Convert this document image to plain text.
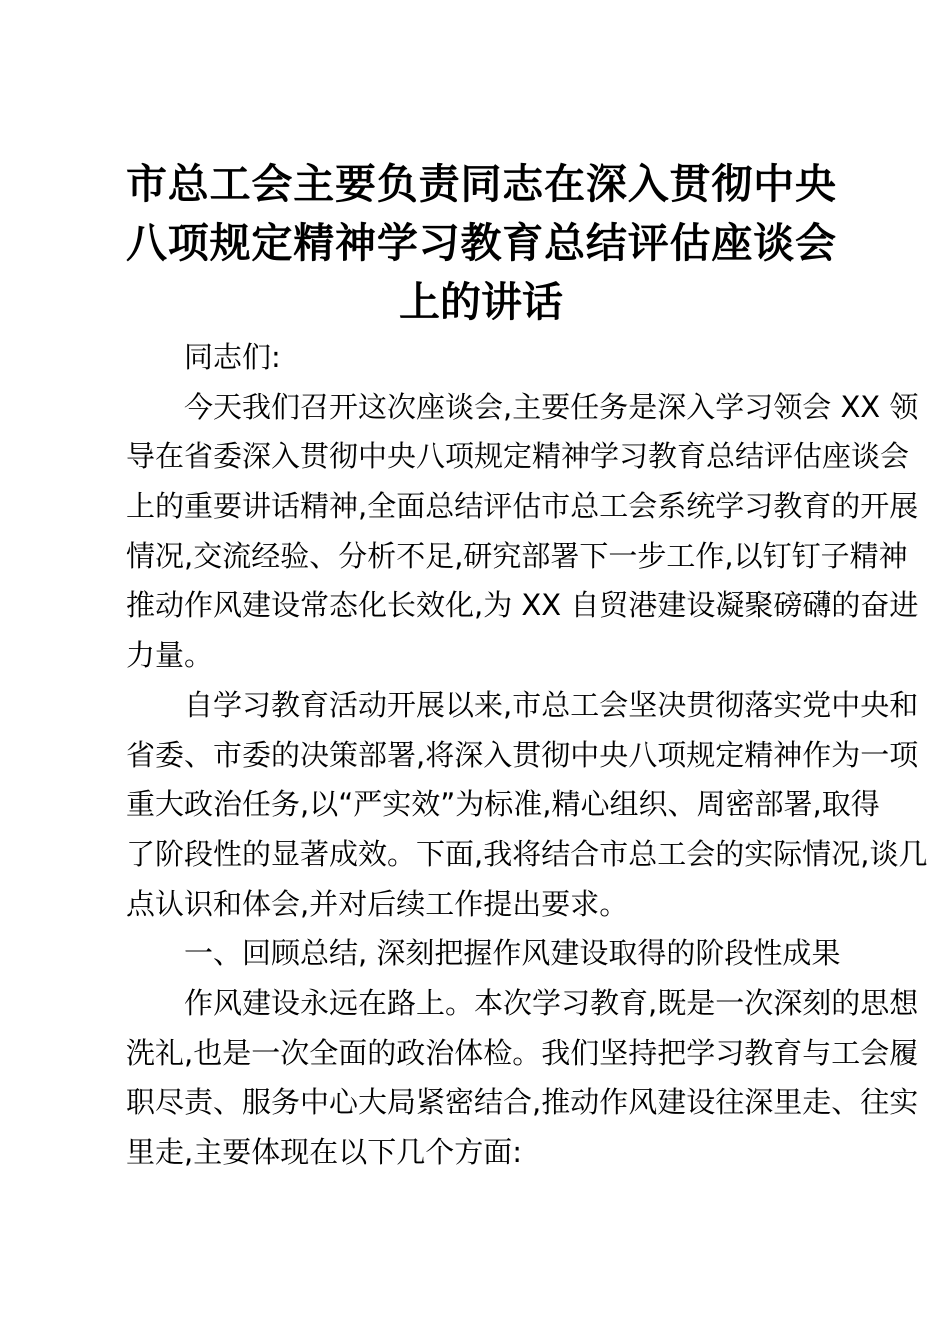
市总工会主要负责同志在深入贯彻中央
八项规定精神学习教育总结评估座谈会
上的讲话
同志们:
今天我们召开这次座谈会,主要任务是深入学习领会 XX 领
导在省委深入贯彻中央八项规定精神学习教育总结评估座谈会
上的重要讲话精神,全面总结评估市总工会系统学习教育的开展
情况,交流经验、分析不足,研究部署下一步工作,以钉钉子精神
推动作风建设常态化长效化,为 XX 自贸港建设凝聚磅礴的奋进
力量。
自学习教育活动开展以来,市总工会坚决贯彻落实党中央和
省委、市委的决策部署,将深入贯彻中央八项规定精神作为一项
重大政治任务,以“严实效”为标准,精心组织、周密部署,取得
了阶段性的显著成效。下面,我将结合市总工会的实际情况,谈几
点认识和体会,并对后续工作提出要求。
一、回顾总结, 深刻把握作风建设取得的阶段性成果
作风建设永远在路上。本次学习教育,既是一次深刻的思想
洗礼,也是一次全面的政治体检。我们坚持把学习教育与工会履
职尽责、服务中心大局紧密结合,推动作风建设往深里走、往实
里走,主要体现在以下几个方面:
